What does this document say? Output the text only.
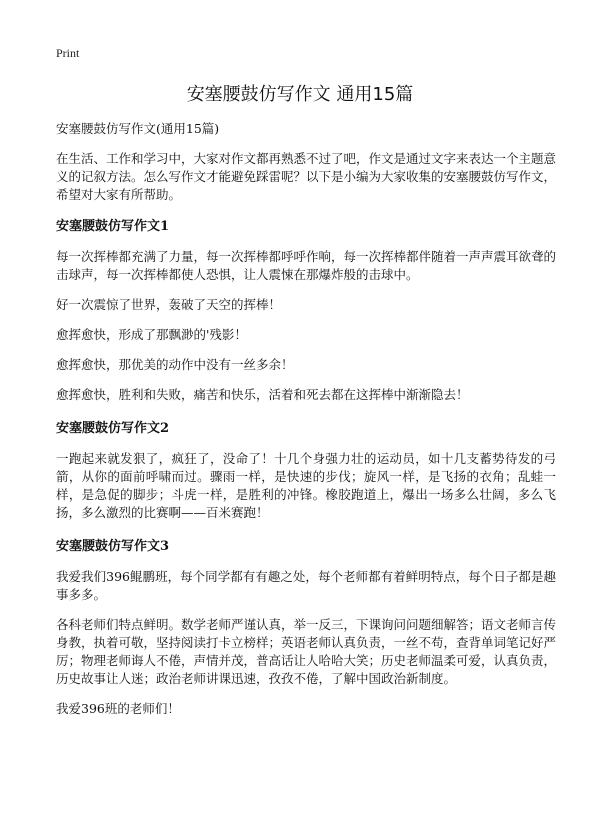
Print
安塞腰鼓仿写作文 通用15篇
安塞腰鼓仿写作文(通用15篇)

在生活、工作和学习中，大家对作文都再熟悉不过了吧，作文是通过文字来表达一个主题意义的记叙方法。怎么写作文才能避免踩雷呢？以下是小编为大家收集的安塞腰鼓仿写作文，希望对大家有所帮助。

安塞腰鼓仿写作文1

每一次挥棒都充满了力量，每一次挥棒都呼呼作响，每一次挥棒都伴随着一声声震耳欲聋的击球声，每一次挥棒都使人恐惧，让人震悚在那爆炸般的击球中。

好一次震惊了世界，轰破了天空的挥棒！

愈挥愈快，形成了那飘渺的'残影！

愈挥愈快，那优美的动作中没有一丝多余！

愈挥愈快，胜利和失败，痛苦和快乐，活着和死去都在这挥棒中渐渐隐去！

安塞腰鼓仿写作文2

一跑起来就发狠了，疯狂了，没命了！十几个身强力壮的运动员，如十几支蓄势待发的弓箭，从你的面前呼啸而过。骤雨一样，是快速的步伐；旋风一样，是飞扬的衣角；乱蛙一样，是急促的脚步；斗虎一样，是胜利的冲锋。橡胶跑道上，爆出一场多么壮阔，多么飞扬，多么激烈的比赛啊——百米赛跑！

安塞腰鼓仿写作文3

我爱我们396鲲鹏班，每个同学都有有趣之处，每个老师都有着鲜明特点，每个日子都是趣事多多。

各科老师们特点鲜明。数学老师严谨认真，举一反三，下课询问问题细解答；语文老师言传身教，执着可敬，坚持阅读打卡立榜样；英语老师认真负责，一丝不苟，查背单词笔记好严厉；物理老师诲人不倦，声情并茂，普高话让人哈哈大笑；历史老师温柔可爱，认真负责，历史故事让人迷；政治老师讲课迅速，孜孜不倦，了解中国政治新制度。

我爱396班的老师们！
